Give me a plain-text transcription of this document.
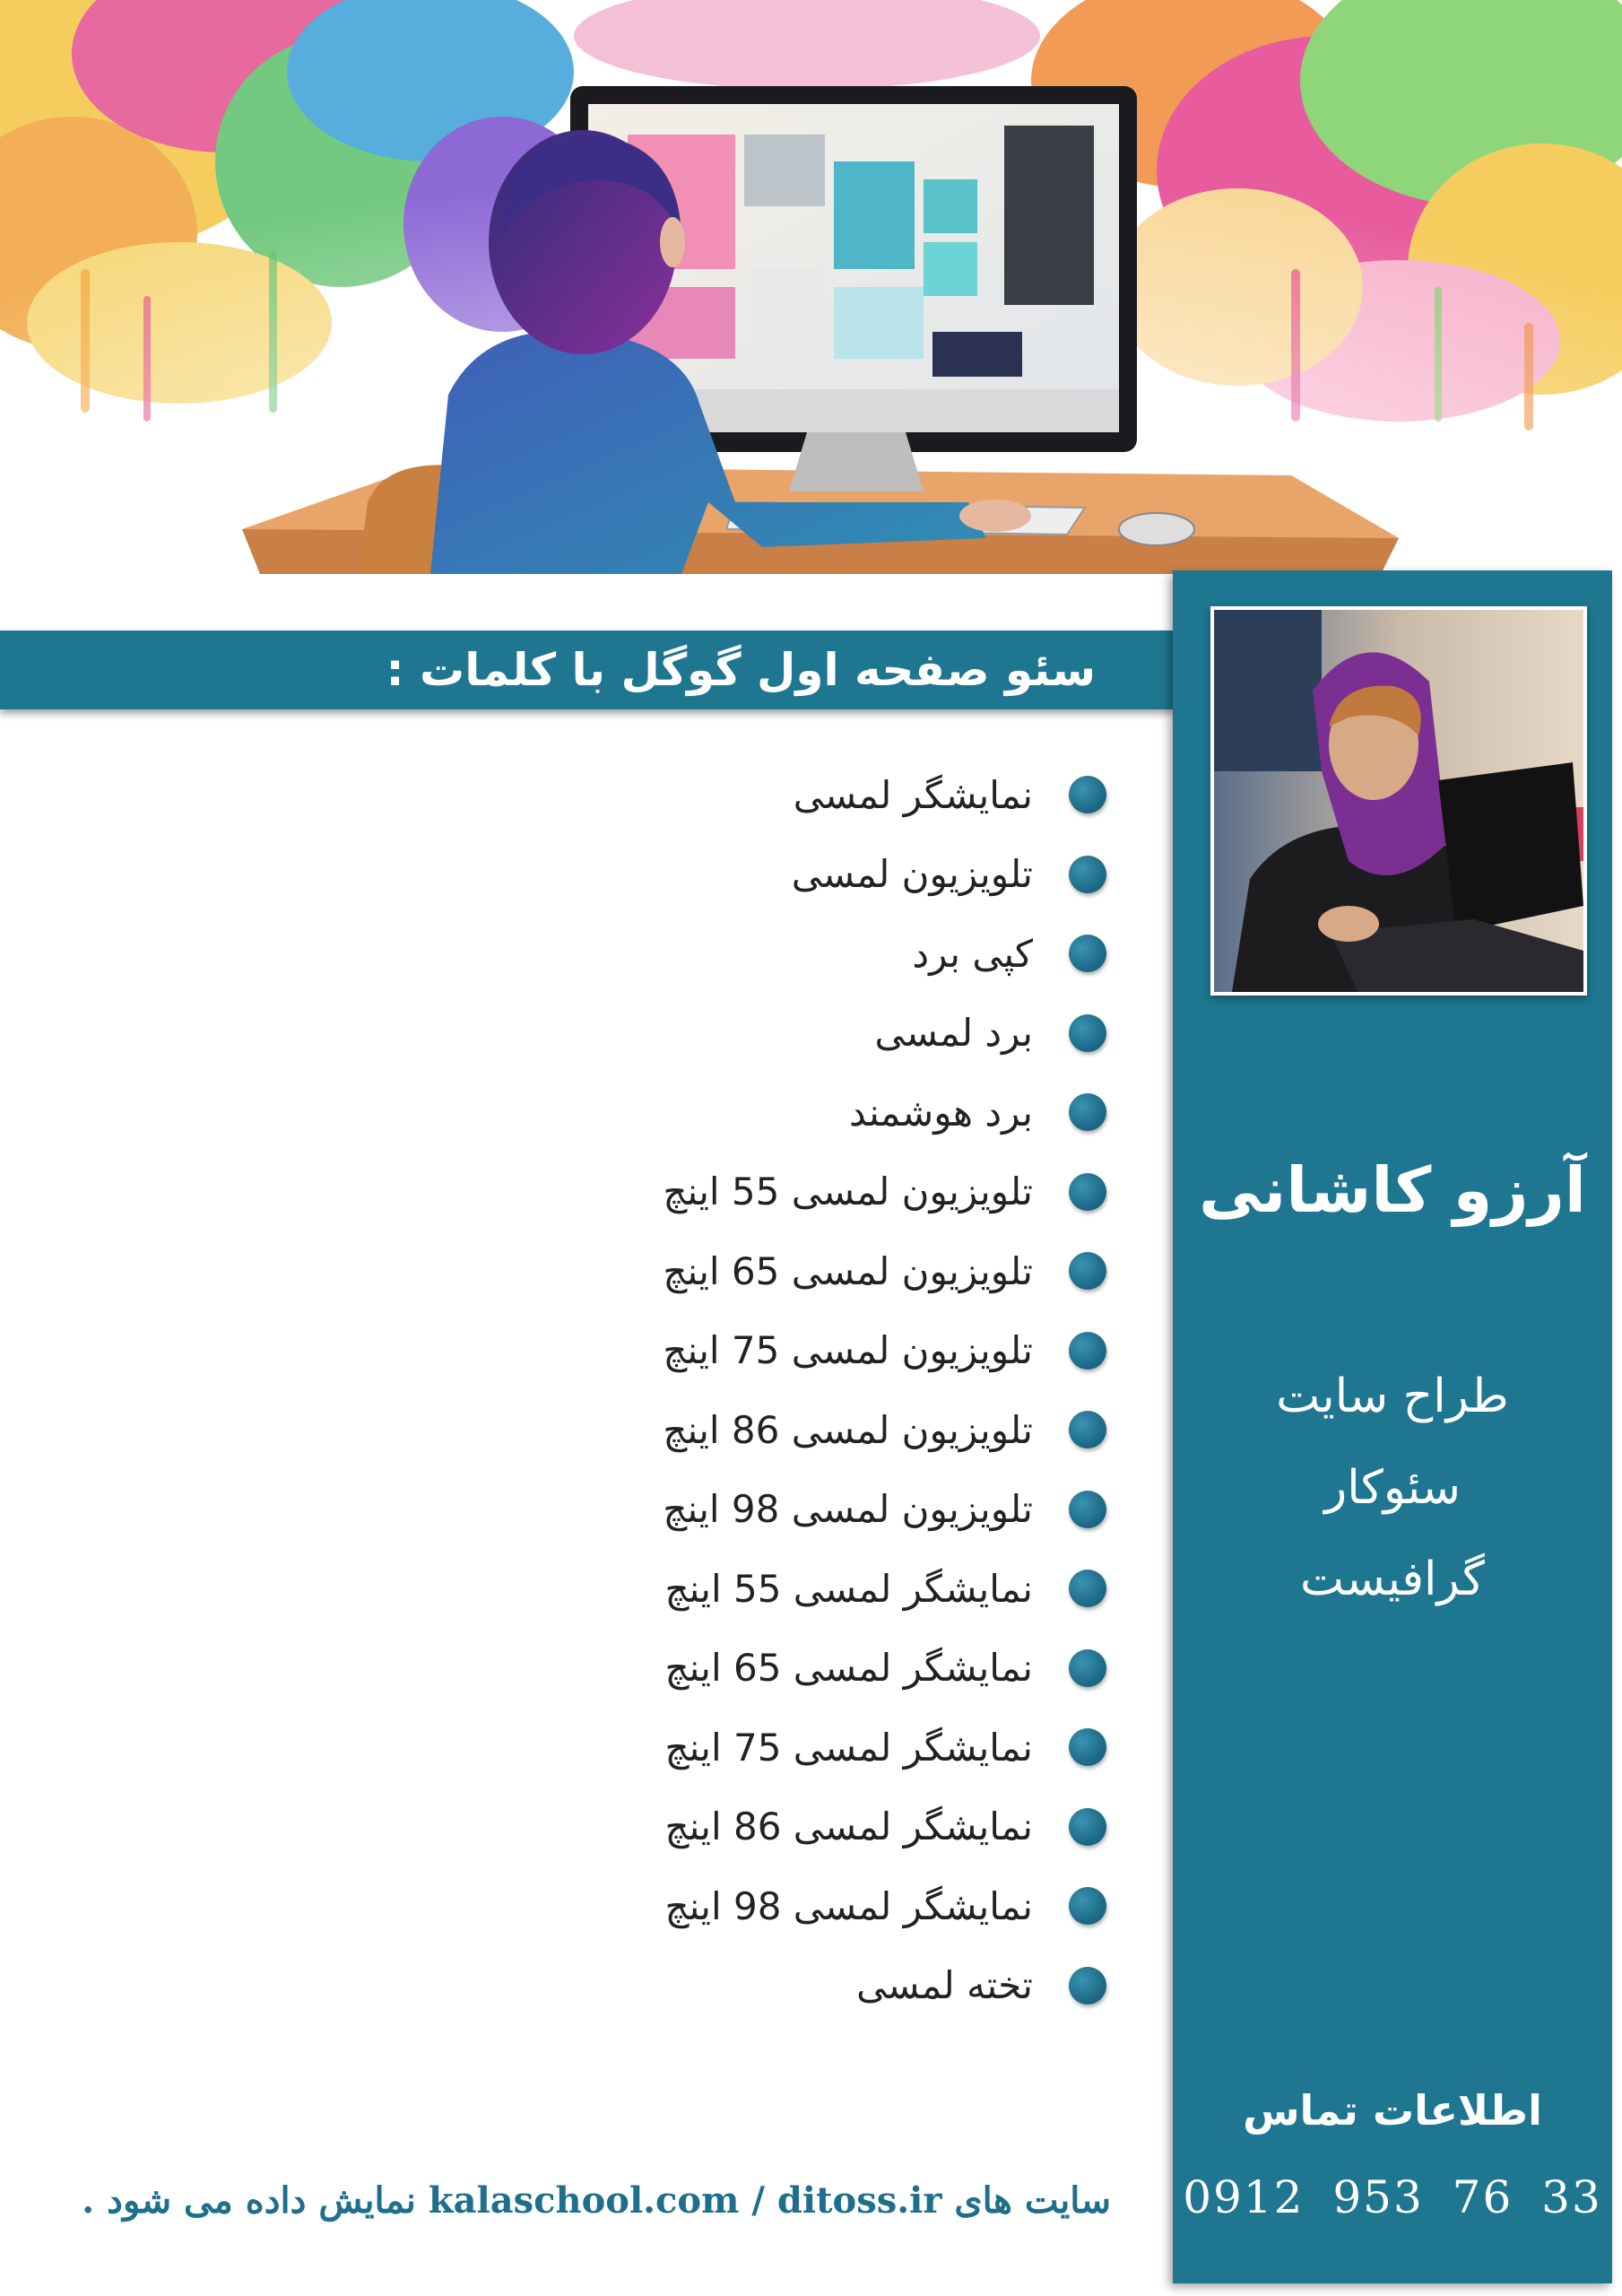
سئو صفحه اول گوگل با کلمات :
نمایشگر لمسی
تلویزیون لمسی
کپی برد
برد لمسی
برد هوشمند
تلویزیون لمسی 55 اینچ
تلویزیون لمسی 65 اینچ
تلویزیون لمسی 75 اینچ
تلویزیون لمسی 86 اینچ
تلویزیون لمسی 98 اینچ
نمایشگر لمسی 55 اینچ
نمایشگر لمسی 65 اینچ
نمایشگر لمسی 75 اینچ
نمایشگر لمسی 86 اینچ
نمایشگر لمسی 98 اینچ
تخته لمسی
آرزو کاشانی
طراح سایت
سئوکار
گرافیست
اطلاعات تماس
0912 953 76 33
سایت های kalaschool.com / ditoss.ir نمایش داده می شود .
